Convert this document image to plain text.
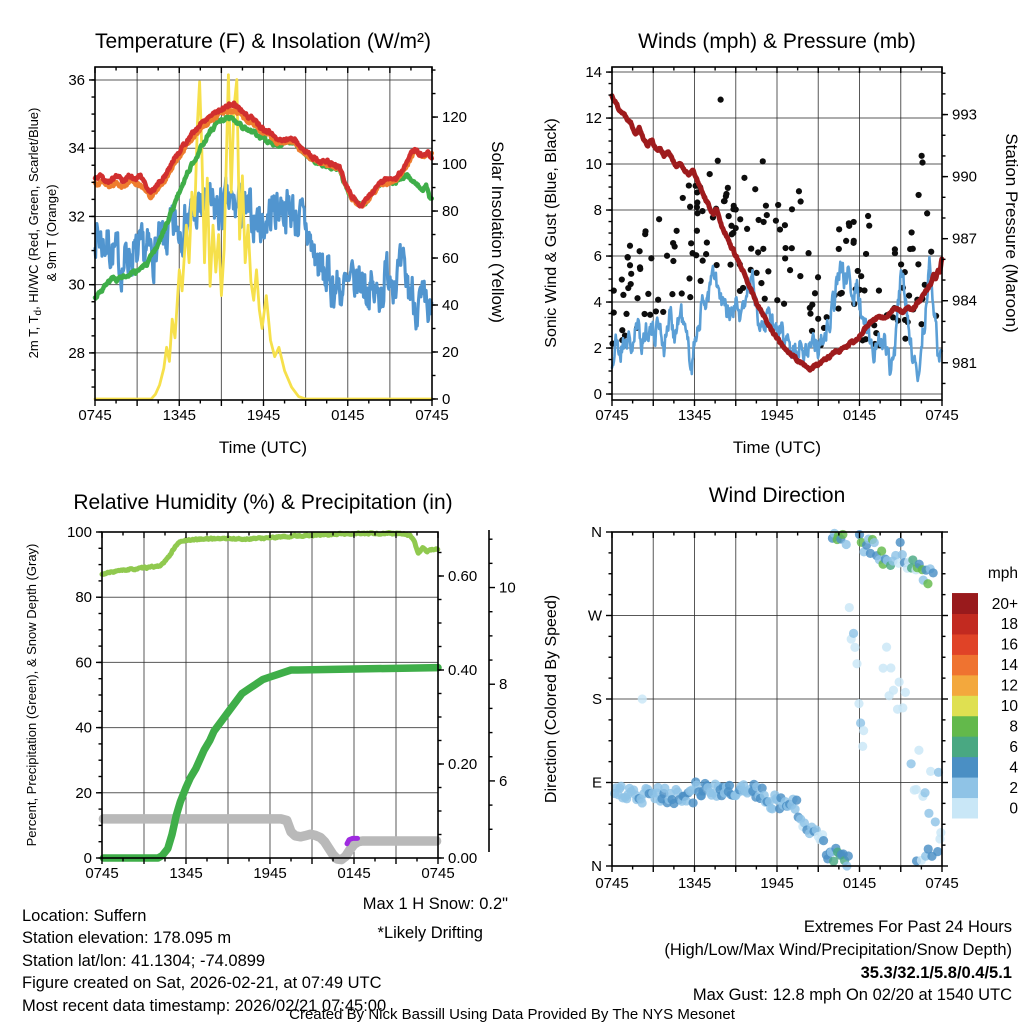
Temperature (F) & Insolation (W/m²)	Winds (mph) & Pressure (mb)
Relative Humidity (%) & Precipitation (in)	Wind Direction
Time (UTC)	Time (UTC)
Solar Insolation (Yellow) Sonic Wind & Gust (Blue, Black)	Station Pressure (Maroon)
Percent, Precipitation (Green), & Snow Depth (Gray)	Direction (Colored By Speed)
0745	1345	1945	0145	0745
28
30
32
34
36
0
20
40
60
80
100
120
2m T, $T_d$, HI/WC (Red, Green, Scarlet/Blue) & 9m T (Orange)
0745	1345	1945	0145	0745
0
2
4
6
8
10
12
14
981
984
987
990
993
0745	1345	1945	0145	0745
0
20
40
60
80
100
0.00
0.20
0.40
0.60
6
8
10
0745	1345	1945	0145	0745
N
W
S
E
N
0
2
4
6
8
10
12
14
16
18
20+
mph
Location: Suffern
Station elevation: 178.095 m
Station lat/lon: 41.1304; -74.0899
Figure created on Sat, 2026-02-21, at 07:49 UTC
Most recent data timestamp: 2026/02/21 07:45:00
Max 1 H Snow: 0.2"
*Likely Drifting	Extremes For Past 24 Hours
(High/Low/Max Wind/Precipitation/Snow Depth)
35.3/32.1/5.8/0.4/5.1
Max Gust: 12.8 mph On 02/20 at 1540 UTC
Created By Nick Bassill Using Data Provided By The NYS Mesonet
